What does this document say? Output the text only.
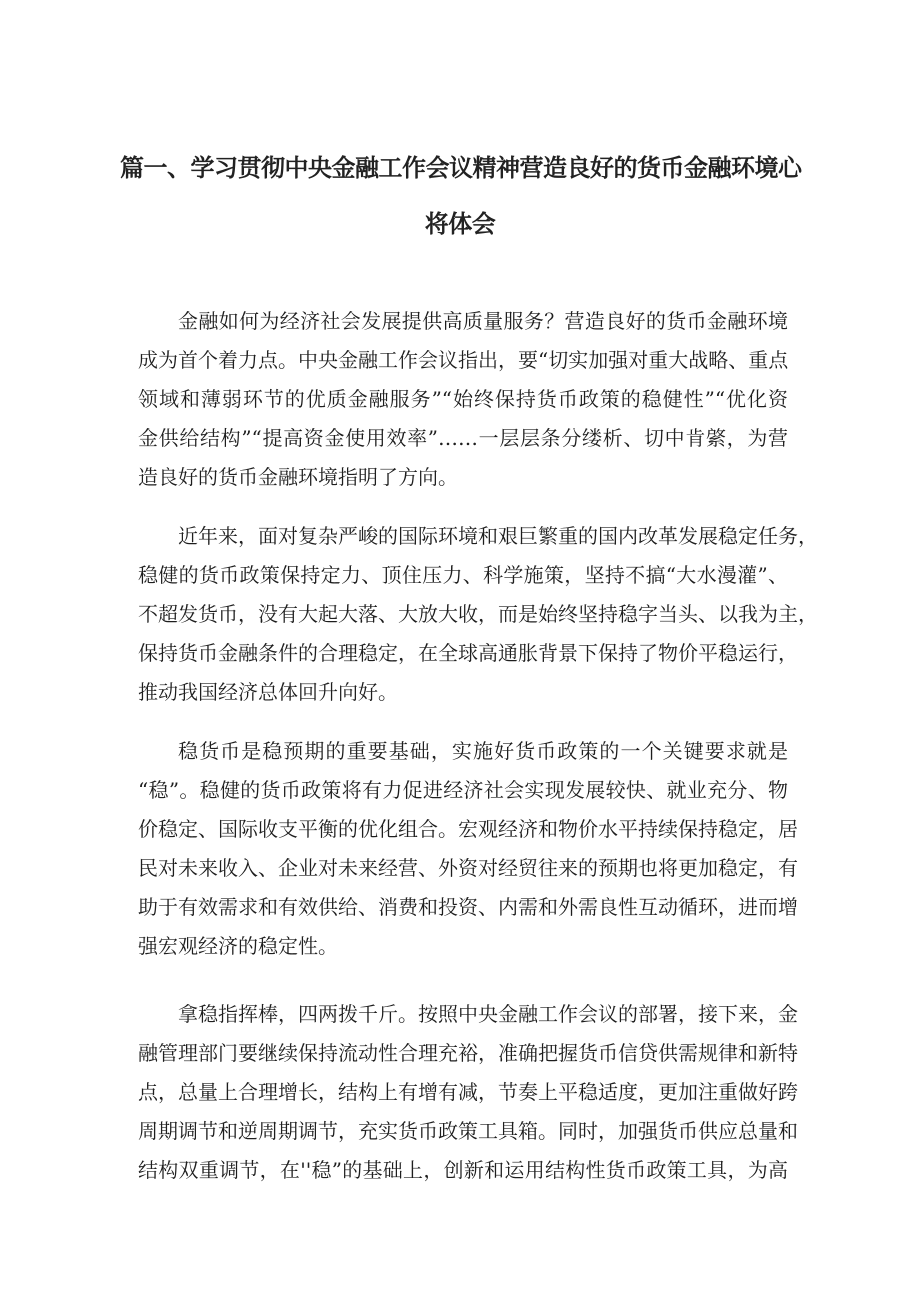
篇一、学习贯彻中央金融工作会议精神营造良好的货币金融环境心
将体会
金融如何为经济社会发展提供高质量服务？营造良好的货币金融环境
成为首个着力点。中央金融工作会议指出，要“切实加强对重大战略、重点
领域和薄弱环节的优质金融服务”“始终保持货币政策的稳健性”“优化资
金供给结构”“提高资金使用效率”……一层层条分缕析、切中肯綮，为营
造良好的货币金融环境指明了方向。
近年来，面对复杂严峻的国际环境和艰巨繁重的国内改革发展稳定任务，
稳健的货币政策保持定力、顶住压力、科学施策，坚持不搞“大水漫灌”、
不超发货币，没有大起大落、大放大收，而是始终坚持稳字当头、以我为主，
保持货币金融条件的合理稳定，在全球高通胀背景下保持了物价平稳运行，
推动我国经济总体回升向好。
稳货币是稳预期的重要基础，实施好货币政策的一个关键要求就是
“稳”。稳健的货币政策将有力促进经济社会实现发展较快、就业充分、物
价稳定、国际收支平衡的优化组合。宏观经济和物价水平持续保持稳定，居
民对未来收入、企业对未来经营、外资对经贸往来的预期也将更加稳定，有
助于有效需求和有效供给、消费和投资、内需和外需良性互动循环，进而增
强宏观经济的稳定性。
拿稳指挥棒，四两拨千斤。按照中央金融工作会议的部署，接下来，金
融管理部门要继续保持流动性合理充裕，准确把握货币信贷供需规律和新特
点，总量上合理增长，结构上有增有减，节奏上平稳适度，更加注重做好跨
周期调节和逆周期调节，充实货币政策工具箱。同时，加强货币供应总量和
结构双重调节，在''稳”的基础上，创新和运用结构性货币政策工具，为高
